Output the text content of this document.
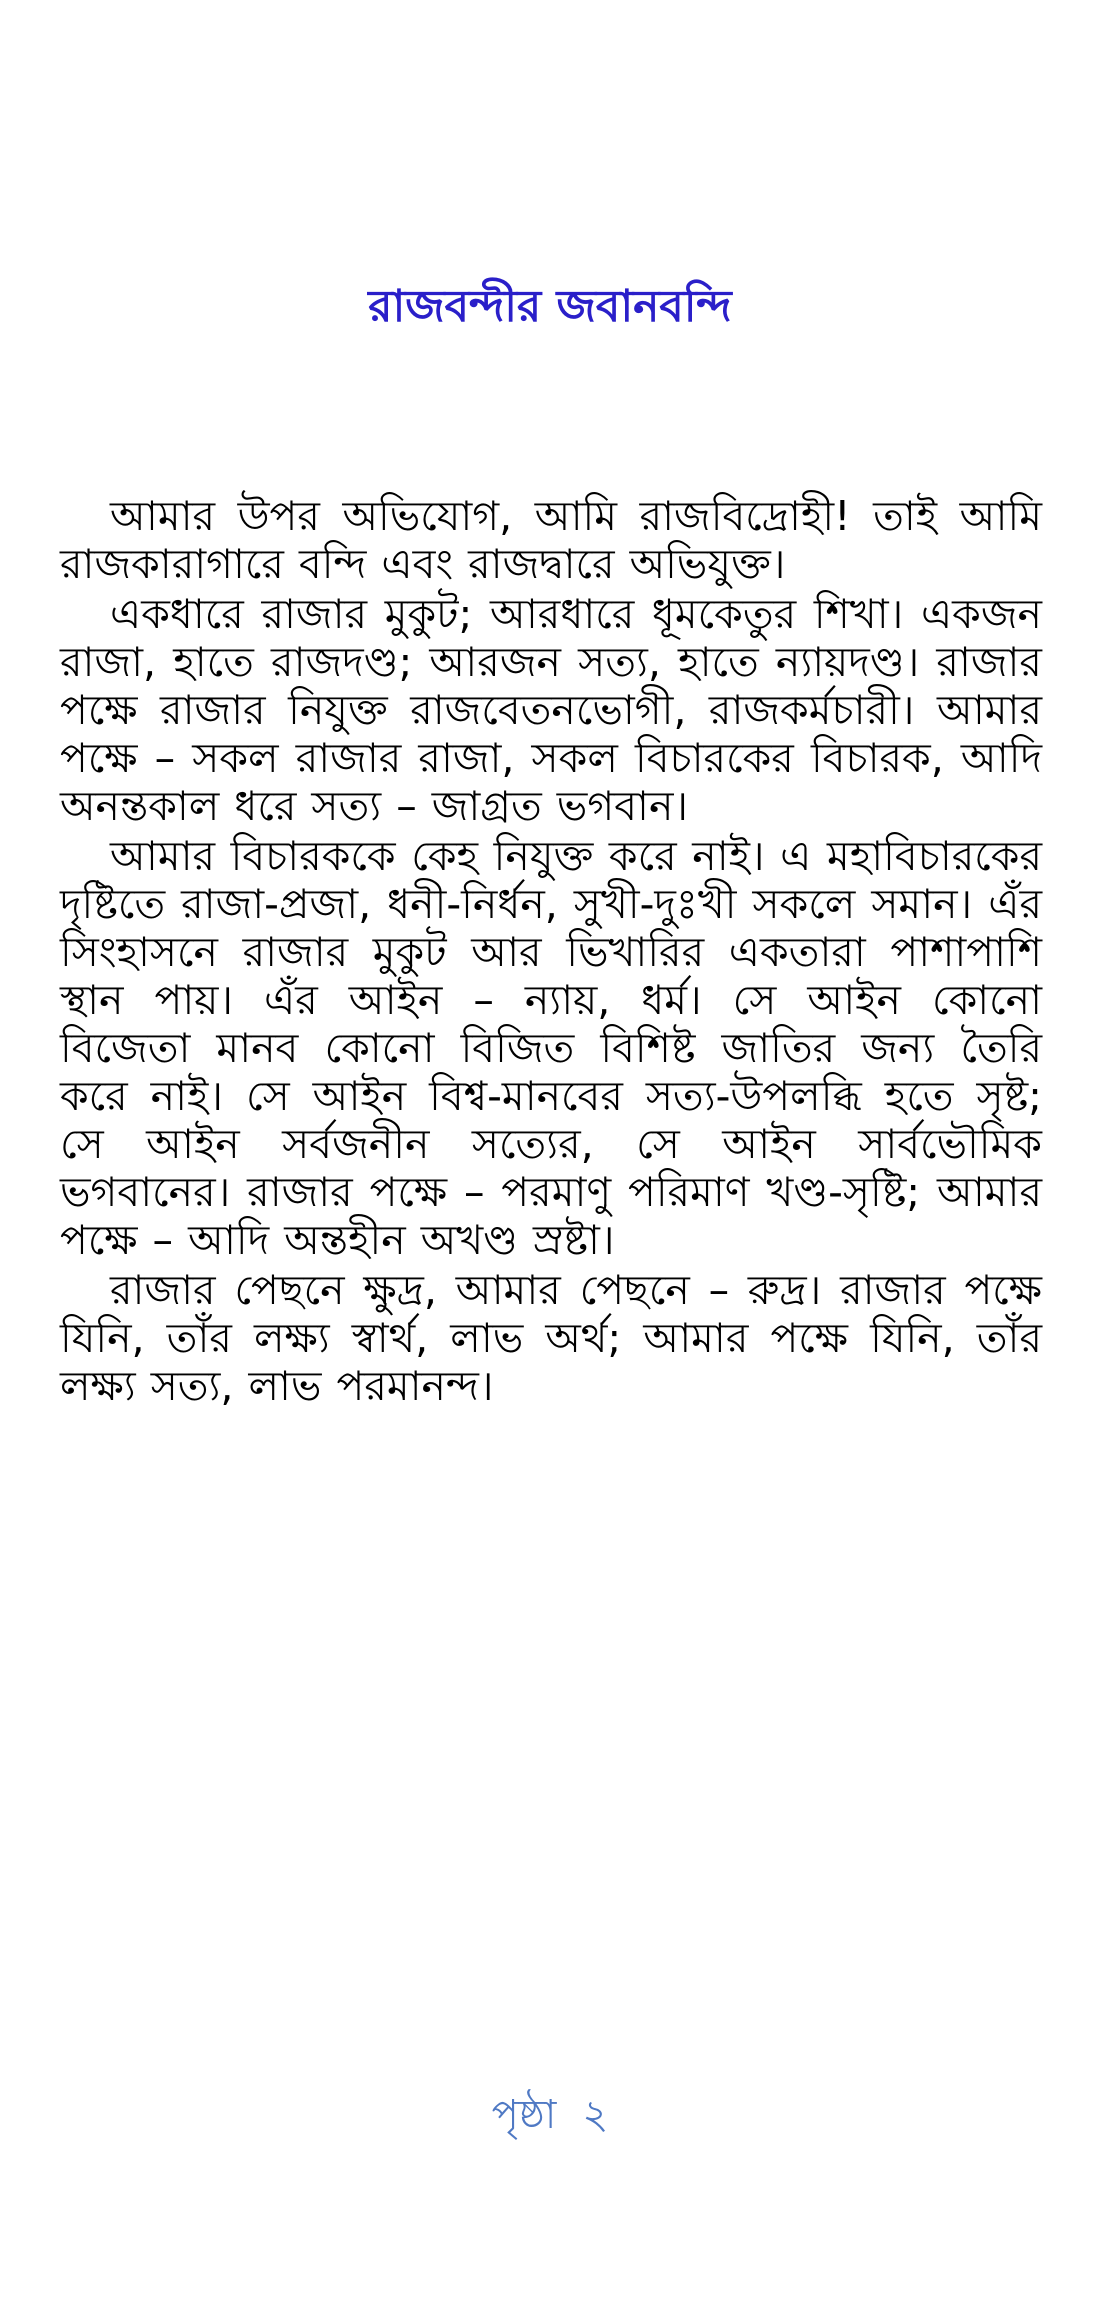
রাজবন্দীর জবানবন্দি

আমার উপর অভিযোগ, আমি রাজবিদ্রোহী! তাই আমি রাজকারাগারে বন্দি এবং রাজদ্বারে অভিযুক্ত।

একধারে রাজার মুকুট; আরধারে ধূমকেতুর শিখা। একজন রাজা, হাতে রাজদণ্ড; আরজন সত্য, হাতে ন্যায়দণ্ড। রাজার পক্ষে রাজার নিযুক্ত রাজবেতনভোগী, রাজকর্মচারী। আমার পক্ষে – সকল রাজার রাজা, সকল বিচারকের বিচারক, আদি অনন্তকাল ধরে সত্য – জাগ্রত ভগবান।

আমার বিচারককে কেহ নিযুক্ত করে নাই। এ মহাবিচারকের দৃষ্টিতে রাজা-প্রজা, ধনী-নির্ধন, সুখী-দুঃখী সকলে সমান। এঁর সিংহাসনে রাজার মুকুট আর ভিখারির একতারা পাশাপাশি স্থান পায়। এঁর আইন – ন্যায়, ধর্ম। সে আইন কোনো বিজেতা মানব কোনো বিজিত বিশিষ্ট জাতির জন্য তৈরি করে নাই। সে আইন বিশ্ব-মানবের সত্য-উপলব্ধি হতে সৃষ্ট; সে আইন সর্বজনীন সত্যের, সে আইন সার্বভৌমিক ভগবানের। রাজার পক্ষে – পরমাণু পরিমাণ খণ্ড-সৃষ্টি; আমার পক্ষে – আদি অন্তহীন অখণ্ড স্রষ্টা।

রাজার পেছনে ক্ষুদ্র, আমার পেছনে – রুদ্র। রাজার পক্ষে যিনি, তাঁর লক্ষ্য স্বার্থ, লাভ অর্থ; আমার পক্ষে যিনি, তাঁর লক্ষ্য সত্য, লাভ পরমানন্দ।

পৃষ্ঠা ২
